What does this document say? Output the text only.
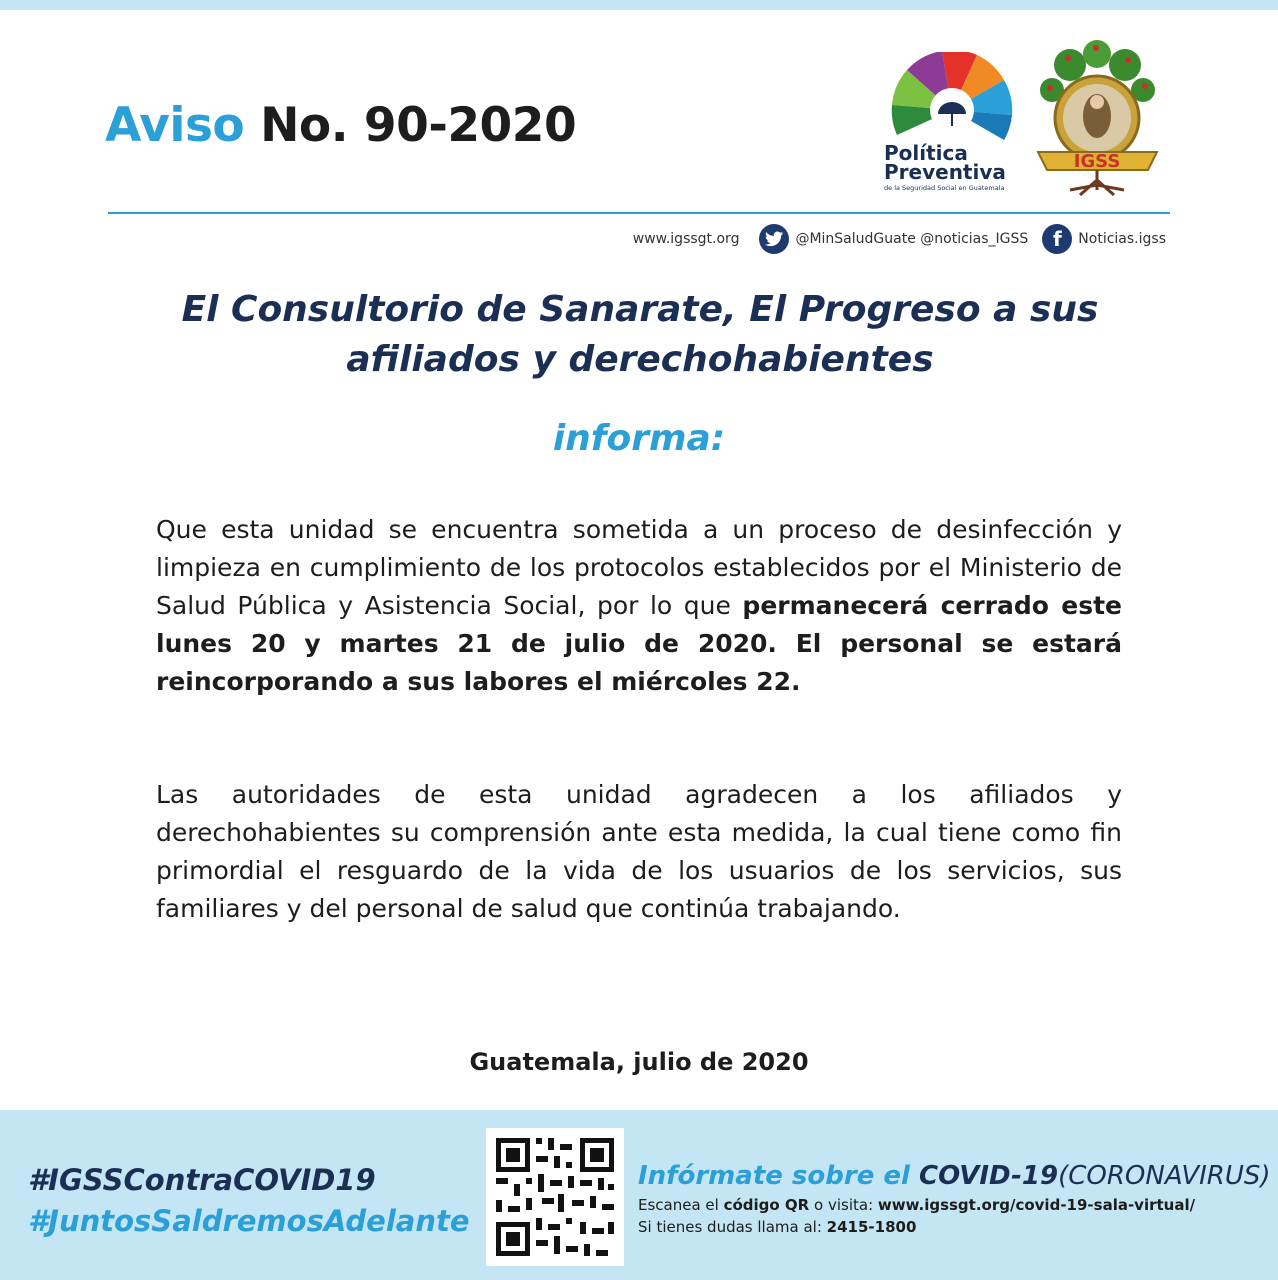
Aviso No. 90-2020	Política
Preventiva
de la Seguridad Social en Guatemala
IGSS
www.igssgt.org	@MinSaludGuate @noticias_IGSS	f	Noticias.igss
El Consultorio de Sanarate, El Progreso a sus
afiliados y derechohabientes
informa:
Que esta unidad se encuentra sometida a un proceso de desinfección y limpieza en cumplimiento de los protocolos establecidos por el Ministerio de Salud Pública y Asistencia Social, por lo que permanecerá cerrado este lunes 20 y martes 21 de julio de 2020. El personal se estará reincorporando a sus labores el miércoles 22.
Las autoridades de esta unidad agradecen a los afiliados y derechohabientes su comprensión ante esta medida, la cual tiene como fin primordial el resguardo de la vida de los usuarios de los servicios, sus familiares y del personal de salud que continúa trabajando.
Guatemala, julio de 2020
#IGSSContraCOVID19
#JuntosSaldremosAdelante
Infórmate sobre el COVID-19(CORONAVIRUS)
Escanea el código QR o visita: www.igssgt.org/covid-19-sala-virtual/
Si tienes dudas llama al: 2415-1800
